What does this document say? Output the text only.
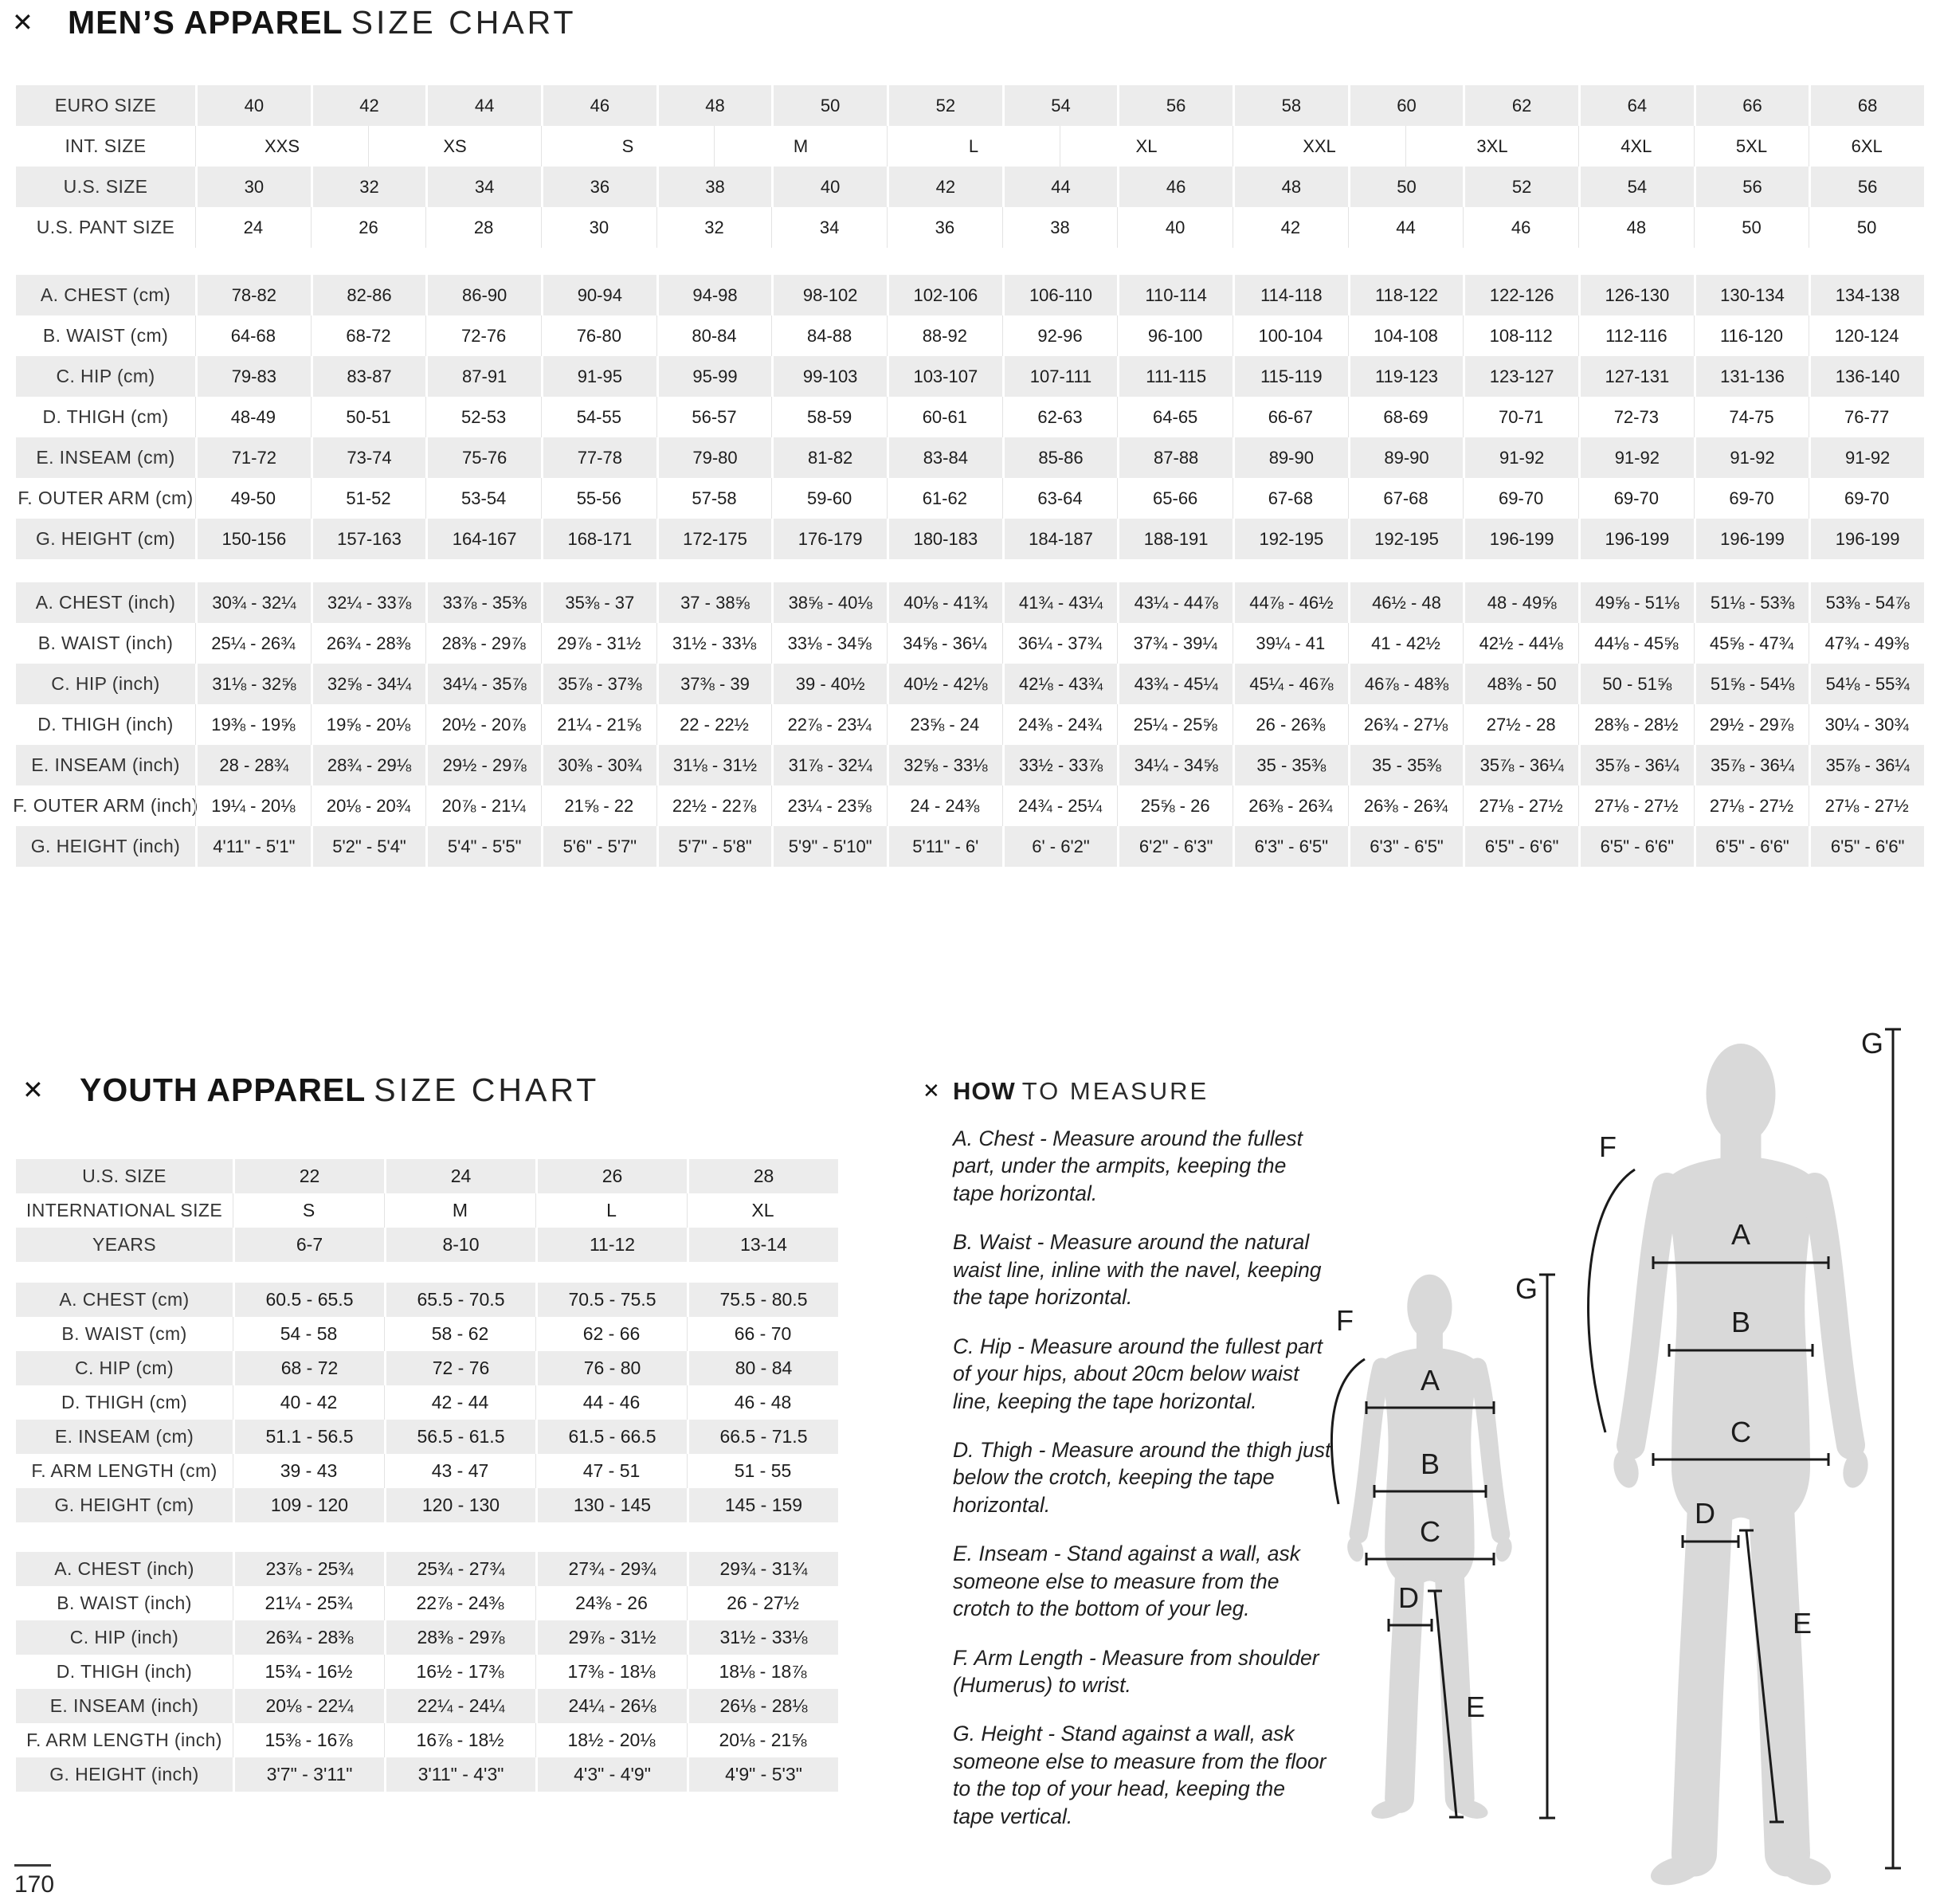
✕ MEN’S APPAREL SIZE CHART
EURO SIZE	40	42	44	46	48	50	52	54	56	58	60	62	64	66	68
INT. SIZE	XXS	XS	S	M	L	XL	XXL	3XL	4XL	5XL	6XL
U.S. SIZE	30	32	34	36	38	40	42	44	46	48	50	52	54	56	56
U.S. PANT SIZE	24	26	28	30	32	34	36	38	40	42	44	46	48	50	50
A. CHEST (cm)	78-82	82-86	86-90	90-94	94-98	98-102	102-106	106-110	110-114	114-118	118-122	122-126	126-130	130-134	134-138
B. WAIST (cm)	64-68	68-72	72-76	76-80	80-84	84-88	88-92	92-96	96-100	100-104	104-108	108-112	112-116	116-120	120-124
C. HIP (cm)	79-83	83-87	87-91	91-95	95-99	99-103	103-107	107-111	111-115	115-119	119-123	123-127	127-131	131-136	136-140
D. THIGH (cm)	48-49	50-51	52-53	54-55	56-57	58-59	60-61	62-63	64-65	66-67	68-69	70-71	72-73	74-75	76-77
E. INSEAM (cm)	71-72	73-74	75-76	77-78	79-80	81-82	83-84	85-86	87-88	89-90	89-90	91-92	91-92	91-92	91-92
F. OUTER ARM (cm)	49-50	51-52	53-54	55-56	57-58	59-60	61-62	63-64	65-66	67-68	67-68	69-70	69-70	69-70	69-70
G. HEIGHT (cm)	150-156	157-163	164-167	168-171	172-175	176-179	180-183	184-187	188-191	192-195	192-195	196-199	196-199	196-199	196-199
A. CHEST (inch)	30¾ - 32¼	32¼ - 33⅞	33⅞ - 35⅜	35⅜ - 37	37 - 38⅝	38⅝ - 40⅛	40⅛ - 41¾	41¾ - 43¼	43¼ - 44⅞	44⅞ - 46½	46½ - 48	48 - 49⅝	49⅝ - 51⅛	51⅛ - 53⅜	53⅜ - 54⅞
B. WAIST (inch)	25¼ - 26¾	26¾ - 28⅜	28⅜ - 29⅞	29⅞ - 31½	31½ - 33⅛	33⅛ - 34⅝	34⅝ - 36¼	36¼ - 37¾	37¾ - 39¼	39¼ - 41	41 - 42½	42½ - 44⅛	44⅛ - 45⅝	45⅝ - 47¾	47¾ - 49⅜
C. HIP (inch)	31⅛ - 32⅝	32⅝ - 34¼	34¼ - 35⅞	35⅞ - 37⅜	37⅜ - 39	39 - 40½	40½ - 42⅛	42⅛ - 43¾	43¾ - 45¼	45¼ - 46⅞	46⅞ - 48⅜	48⅜ - 50	50 - 51⅝	51⅝ - 54⅛	54⅛ - 55¾
D. THIGH (inch)	19⅜ - 19⅝	19⅝ - 20⅛	20½ - 20⅞	21¼ - 21⅝	22 - 22½	22⅞ - 23¼	23⅝ - 24	24⅜ - 24¾	25¼ - 25⅝	26 - 26⅜	26¾ - 27⅛	27½ - 28	28⅜ - 28½	29½ - 29⅞	30¼ - 30¾
E. INSEAM (inch)	28 - 28¾	28¾ - 29⅛	29½ - 29⅞	30⅜ - 30¾	31⅛ - 31½	31⅞ - 32¼	32⅝ - 33⅛	33½ - 33⅞	34¼ - 34⅝	35 - 35⅜	35 - 35⅜	35⅞ - 36¼	35⅞ - 36¼	35⅞ - 36¼	35⅞ - 36¼
F. OUTER ARM (inch) 19¼ - 20⅛	20⅛ - 20¾	20⅞ - 21¼	21⅝ - 22	22½ - 22⅞	23¼ - 23⅝	24 - 24⅜	24¾ - 25¼	25⅝ - 26	26⅜ - 26¾	26⅜ - 26¾	27⅛ - 27½	27⅛ - 27½	27⅛ - 27½	27⅛ - 27½
G. HEIGHT (inch)	4'11" - 5'1"	5'2" - 5'4"	5'4" - 5'5"	5'6" - 5'7"	5'7" - 5'8"	5'9" - 5'10"	5'11" - 6'	6' - 6'2"	6'2" - 6'3"	6'3" - 6'5"	6'3" - 6'5"	6'5" - 6'6"	6'5" - 6'6"	6'5" - 6'6"	6'5" - 6'6"
✕ YOUTH APPAREL SIZE CHART
U.S. SIZE	22	24	26	28
INTERNATIONAL SIZE	S	M	L	XL
YEARS	6-7	8-10	11-12	13-14
A. CHEST (cm)	60.5 - 65.5	65.5 - 70.5	70.5 - 75.5	75.5 - 80.5
B. WAIST (cm)	54 - 58	58 - 62	62 - 66	66 - 70
C. HIP (cm)	68 - 72	72 - 76	76 - 80	80 - 84
D. THIGH (cm)	40 - 42	42 - 44	44 - 46	46 - 48
E. INSEAM (cm)	51.1 - 56.5	56.5 - 61.5	61.5 - 66.5	66.5 - 71.5
F. ARM LENGTH (cm)	39 - 43	43 - 47	47 - 51	51 - 55
G. HEIGHT (cm)	109 - 120	120 - 130	130 - 145	145 - 159
A. CHEST (inch)	23⅞ - 25¾	25¾ - 27¾	27¾ - 29¾	29¾ - 31¾
B. WAIST (inch)	21¼ - 25¾	22⅞ - 24⅜	24⅜ - 26	26 - 27½
C. HIP (inch)	26¾ - 28⅜	28⅜ - 29⅞	29⅞ - 31½	31½ - 33⅛
D. THIGH (inch)	15¾ - 16½	16½ - 17⅜	17⅜ - 18⅛	18⅛ - 18⅞
E. INSEAM (inch)	20⅛ - 22¼	22¼ - 24¼	24¼ - 26⅛	26⅛ - 28⅛
F. ARM LENGTH (inch)	15⅜ - 16⅞	16⅞ - 18½	18½ - 20⅛	20⅛ - 21⅝
G. HEIGHT (inch)	3'7" - 3'11"	3'11" - 4'3"	4'3" - 4'9"	4'9" - 5'3"
✕ HOW TO MEASURE

A. Chest - Measure around the fullest part, under the armpits, keeping the tape horizontal.

B. Waist - Measure around the natural waist line, inline with the navel, keeping the tape horizontal.

C. Hip - Measure around the fullest part of your hips, about 20cm below waist line, keeping the tape horizontal.

D. Thigh - Measure around the thigh just below the crotch, keeping the tape horizontal.

E. Inseam - Stand against a wall, ask someone else to measure from the crotch to the bottom of your leg.

F. Arm Length - Measure from shoulder (Humerus) to wrist.

G. Height - Stand against a wall, ask someone else to measure from the floor to the top of your head, keeping the tape vertical.

A
B
C
D
E
F
G
A
B
C
D
E
F
G
170
